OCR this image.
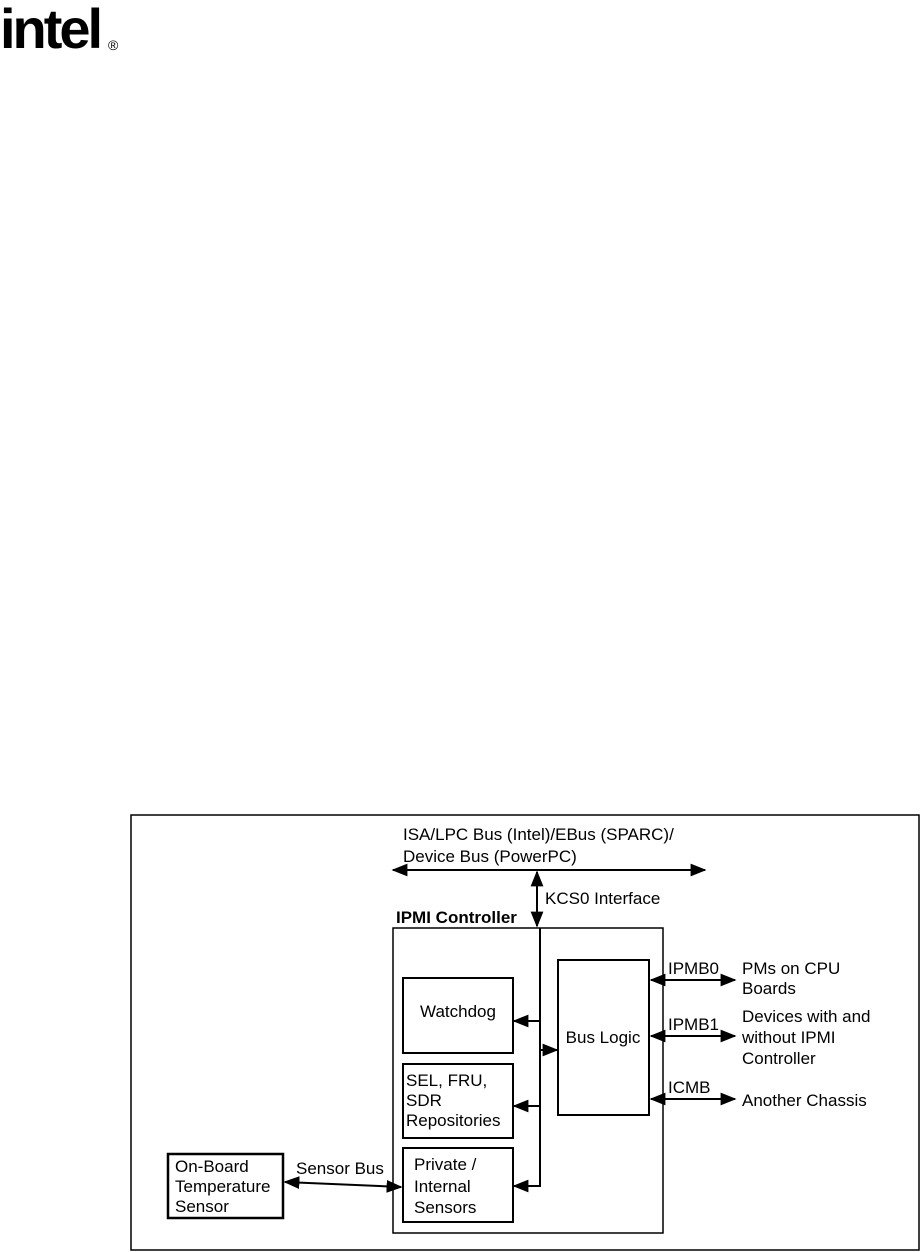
intel ®
ISA/LPC Bus (Intel)/EBus (SPARC)/
Device Bus (PowerPC)
KCS0 Interface
IPMI Controller
Watchdog
SEL, FRU,
SDR
Repositories
Private /
Internal
Sensors
Bus Logic
IPMB0 PMs on CPU
Boards
IPMB1 Devices with and
without IPMI
Controller
ICMB
Another Chassis
On-Board
Temperature
Sensor
Sensor Bus
